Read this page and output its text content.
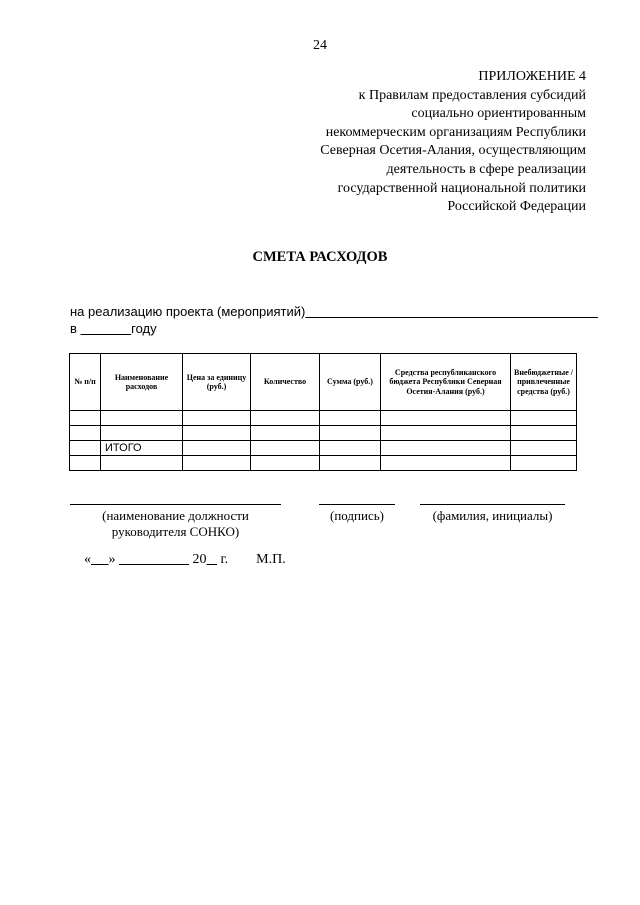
24
ПРИЛОЖЕНИЕ 4
к Правилам предоставления субсидий
социально ориентированным
некоммерческим организациям Республики
Северная Осетия-Алания, осуществляющим
деятельность в сфере реализации
государственной национальной политики
Российской Федерации
СМЕТА РАСХОДОВ
на реализацию проекта (мероприятий)
в	году
№ п/п	Наименование расходов	Цена за единицу (руб.)	Количество	Сумма (руб.)	Средства республиканского бюджета Республики Северная Осетия-Алания (руб.)	Внебюджетные / привлеченные средства (руб.)

	ИТОГО					

(наименование должности
руководителя СОНКО)
(подпись)	(фамилия, инициалы)
« »	20 г. М.П.
